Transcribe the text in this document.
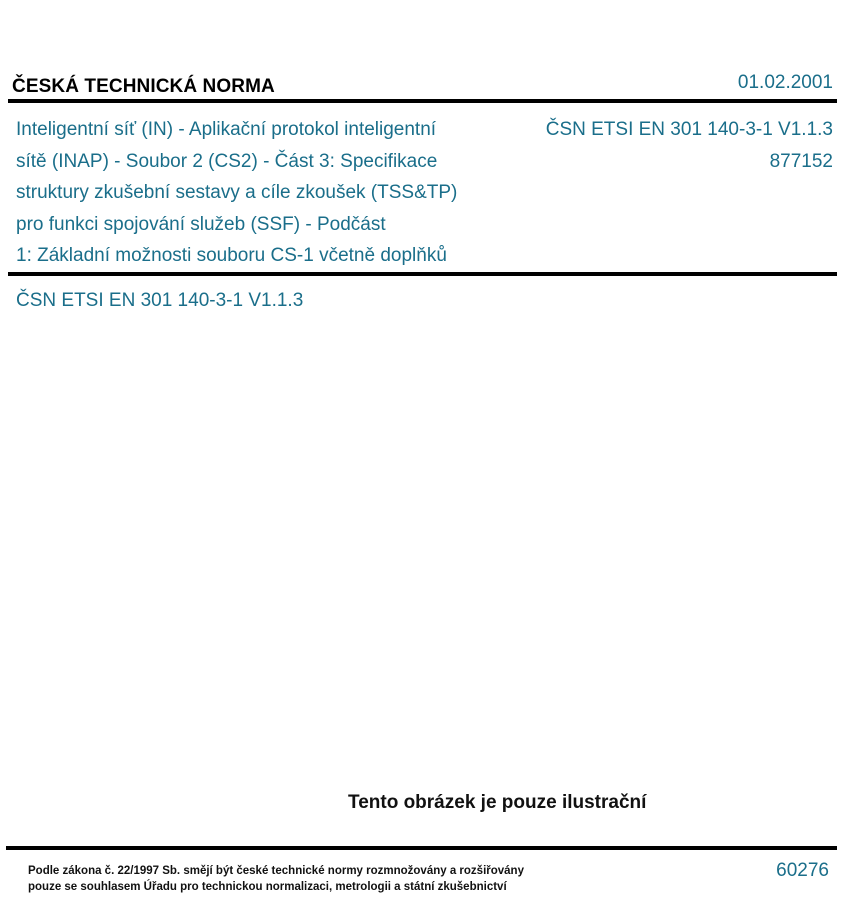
ČESKÁ TECHNICKÁ NORMA	01.02.2001
Inteligentní síť (IN) - Aplikační protokol inteligentní
sítě (INAP) - Soubor 2 (CS2) - Část 3: Specifikace
struktury zkušební sestavy a cíle zkoušek (TSS&TP)
pro funkci spojování služeb (SSF) - Podčást
1: Základní možnosti souboru CS-1 včetně doplňků
ČSN ETSI EN 301 140-3-1 V1.1.3
877152
ČSN ETSI EN 301 140-3-1 V1.1.3
Tento obrázek je pouze ilustrační
Podle zákona č. 22/1997 Sb. smějí být české technické normy rozmnožovány a rozšiřovány
pouze se souhlasem Úřadu pro technickou normalizaci, metrologii a státní zkušebnictví
60276
